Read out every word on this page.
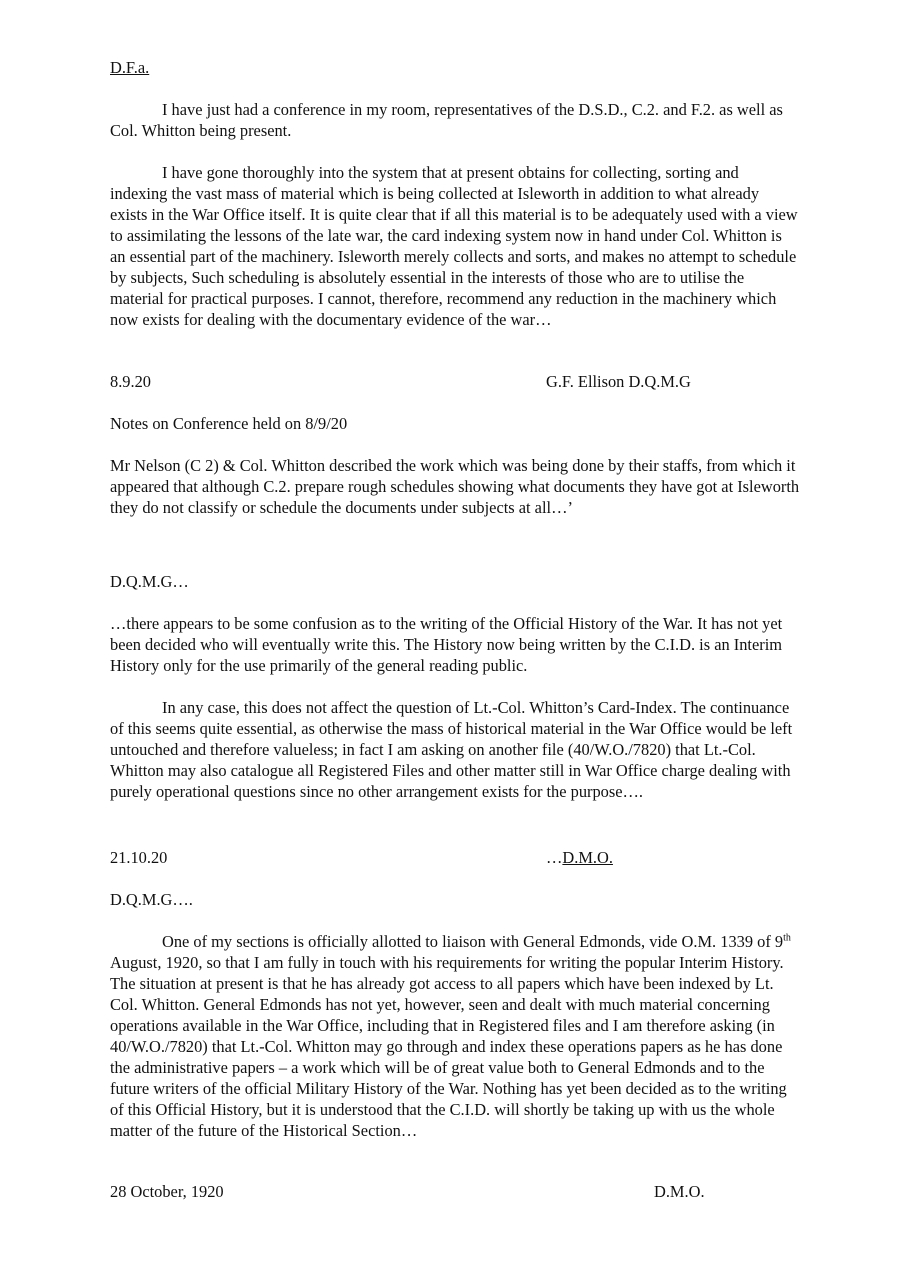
D.F.a.

I have just had a conference in my room, representatives of the D.S.D., C.2. and F.2. as well as Col. Whitton being present.

I have gone thoroughly into the system that at present obtains for collecting, sorting and indexing the vast mass of material which is being collected at Isleworth in addition to what already exists in the War Office itself. It is quite clear that if all this material is to be adequately used with a view to assimilating the lessons of the late war, the card indexing system now in hand under Col. Whitton is an essential part of the machinery. Isleworth merely collects and sorts, and makes no attempt to schedule by subjects, Such scheduling is absolutely essential in the interests of those who are to utilise the material for practical purposes. I cannot, therefore, recommend any reduction in the machinery which now exists for dealing with the documentary evidence of the war…

8.9.20	G.F. Ellison D.Q.M.G
Notes on Conference held on 8/9/20

Mr Nelson (C 2) & Col. Whitton described the work which was being done by their staffs, from which it appeared that although C.2. prepare rough schedules showing what documents they have got at Isleworth they do not classify or schedule the documents under subjects at all…’

D.Q.M.G…

…there appears to be some confusion as to the writing of the Official History of the War. It has not yet been decided who will eventually write this. The History now being written by the C.I.D. is an Interim History only for the use primarily of the general reading public.

In any case, this does not affect the question of Lt.-Col. Whitton’s Card-Index. The continuance of this seems quite essential, as otherwise the mass of historical material in the War Office would be left untouched and therefore valueless; in fact I am asking on another file (40/W.O./7820) that Lt.-Col. Whitton may also catalogue all Registered Files and other matter still in War Office charge dealing with purely operational questions since no other arrangement exists for the purpose….

21.10.20	…D.M.O.
D.Q.M.G….

One of my sections is officially allotted to liaison with General Edmonds, vide O.M. 1339 of 9th August, 1920, so that I am fully in touch with his requirements for writing the popular Interim History. The situation at present is that he has already got access to all papers which have been indexed by Lt. Col. Whitton. General Edmonds has not yet, however, seen and dealt with much material concerning operations available in the War Office, including that in Registered files and I am therefore asking (in 40/W.O./7820) that Lt.-Col. Whitton may go through and index these operations papers as he has done the administrative papers – a work which will be of great value both to General Edmonds and to the future writers of the official Military History of the War. Nothing has yet been decided as to the writing of this Official History, but it is understood that the C.I.D. will shortly be taking up with us the whole matter of the future of the Historical Section…

28 October, 1920	D.M.O.
